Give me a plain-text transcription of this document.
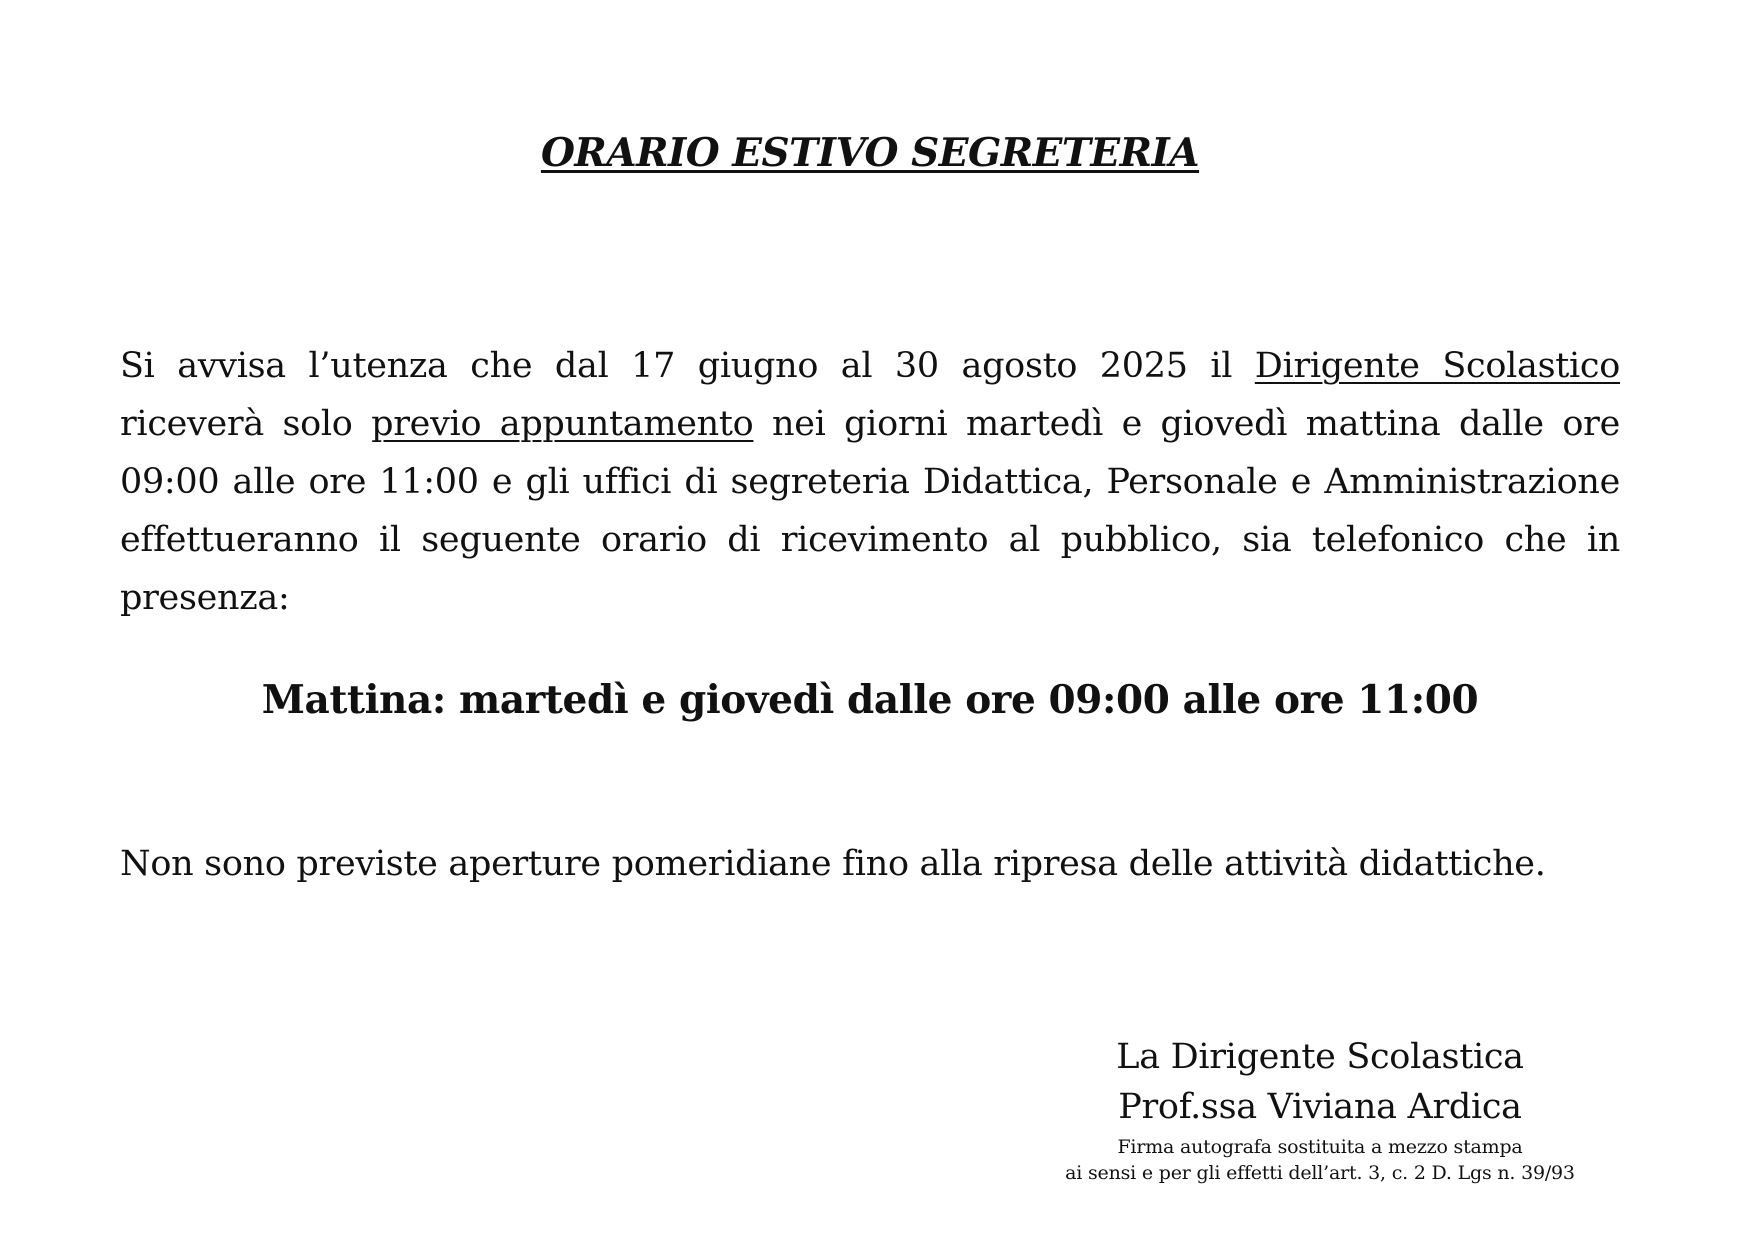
ORARIO ESTIVO SEGRETERIA
Si avvisa l’utenza che dal 17 giugno al 30 agosto 2025 il Dirigente Scolastico riceverà solo previo appuntamento nei giorni martedì e giovedì mattina dalle ore 09:00 alle ore 11:00 e gli uffici di segreteria Didattica, Personale e Amministrazione effettueranno il seguente orario di ricevimento al pubblico, sia telefonico che in presenza:
Mattina: martedì e giovedì dalle ore 09:00 alle ore 11:00
Non sono previste aperture pomeridiane fino alla ripresa delle attività didattiche.
La Dirigente Scolastica
Prof.ssa Viviana Ardica
Firma autografa sostituita a mezzo stampa
ai sensi e per gli effetti dell’art. 3, c. 2 D. Lgs n. 39/93
